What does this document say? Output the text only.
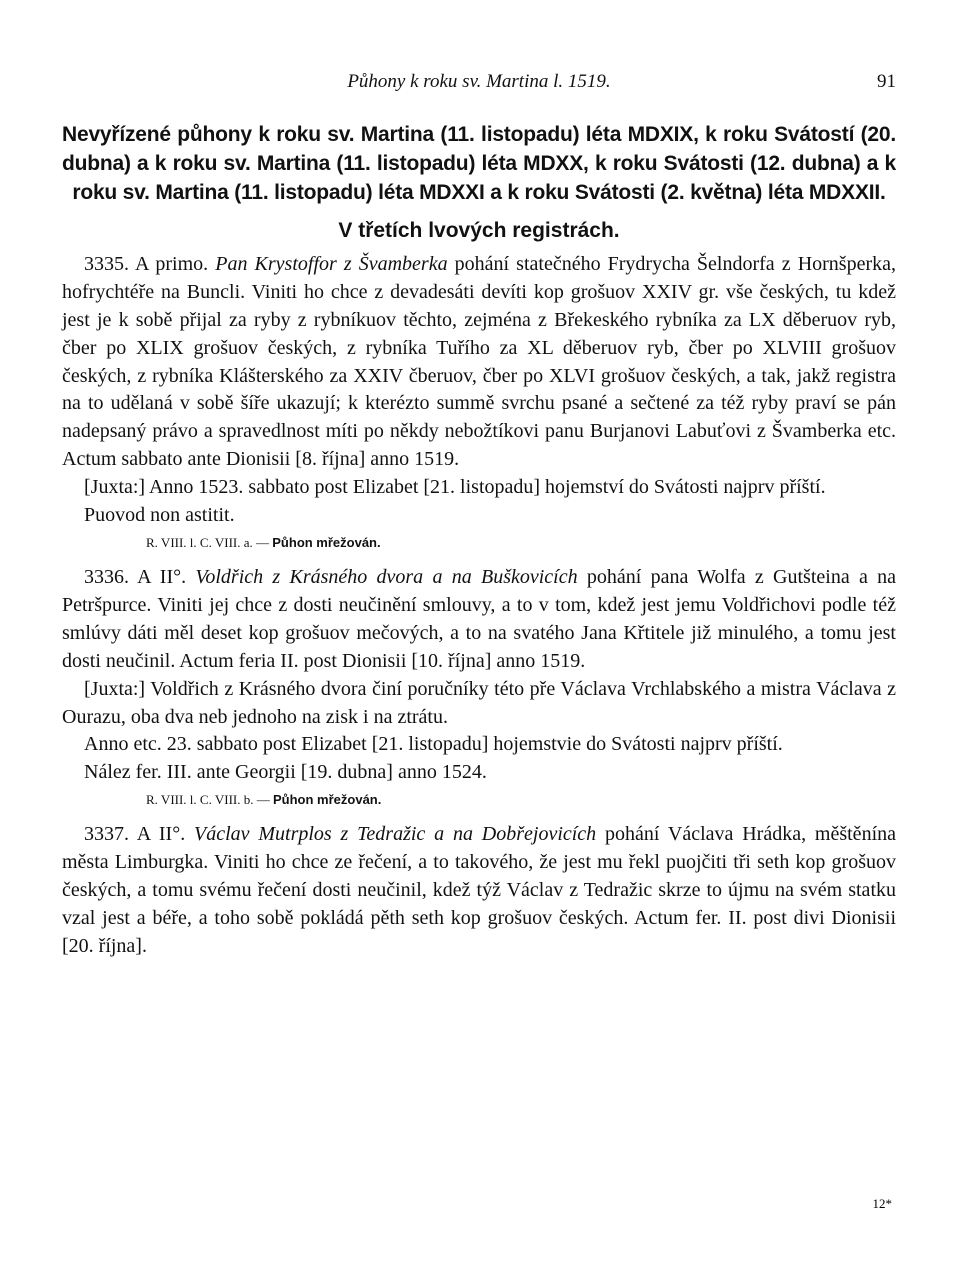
Půhony k roku sv. Martina l. 1519.	91
Nevyřízené půhony k roku sv. Martina (11. listopadu) léta MDXIX, k roku Svátostí (20. dubna) a k roku sv. Martina (11. listopadu) léta MDXX, k roku Svátosti (12. dubna) a k roku sv. Martina (11. listopadu) léta MDXXI a k roku Svátosti (2. května) léta MDXXII.
V třetích lvových registrách.

3335. A primo. Pan Krystoffor z Švamberka pohání statečného Frydrycha Šelndorfa z Hornšperka, hofrychtéře na Buncli. Viniti ho chce z devadesáti devíti kop grošuov XXIV gr. vše českých, tu kdež jest je k sobě přijal za ryby z rybníkuov těchto, zejména z Břekeského rybníka za LX děberuov ryb, čber po XLIX grošuov českých, z rybníka Tuřího za XL děberuov ryb, čber po XLVIII grošuov českých, z rybníka Klášterského za XXIV čberuov, čber po XLVI grošuov českých, a tak, jakž registra na to udělaná v sobě šíře ukazují; k kterézto summě svrchu psané a sečtené za též ryby praví se pán nadepsaný právo a spravedlnost míti po někdy nebožtíkovi panu Burjanovi Labuťovi z Švamberka etc. Actum sabbato ante Dionisii [8. října] anno 1519.

[Juxta:] Anno 1523. sabbato post Elizabet [21. listopadu] hojemství do Svátosti najprv příští.

Puovod non astitit.

R. VIII. l. C. VIII. a. — Půhon mřežován.

3336. A II°. Voldřich z Krásného dvora a na Buškovicích pohání pana Wolfa z Gutšteina a na Petršpurce. Viniti jej chce z dosti neučinění smlouvy, a to v tom, kdež jest jemu Voldřichovi podle též smlúvy dáti měl deset kop grošuov mečových, a to na svatého Jana Křtitele již minulého, a tomu jest dosti neučinil. Actum feria II. post Dionisii [10. října] anno 1519.

[Juxta:] Voldřich z Krásného dvora činí poručníky této pře Václava Vrchlabského a mistra Václava z Ourazu, oba dva neb jednoho na zisk i na ztrátu.

Anno etc. 23. sabbato post Elizabet [21. listopadu] hojemstvie do Svátosti najprv příští.

Nález fer. III. ante Georgii [19. dubna] anno 1524.

R. VIII. l. C. VIII. b. — Půhon mřežován.

3337. A II°. Václav Mutrplos z Tedražic a na Dobřejovicích pohání Václava Hrádka, měštěnína města Limburgka. Viniti ho chce ze řečení, a to takového, že jest mu řekl puojčiti tři seth kop grošuov českých, a tomu svému řečení dosti neučinil, kdež týž Václav z Tedražic skrze to újmu na svém statku vzal jest a béře, a toho sobě pokládá pěth seth kop grošuov českých. Actum fer. II. post divi Dionisii [20. října].

12*
